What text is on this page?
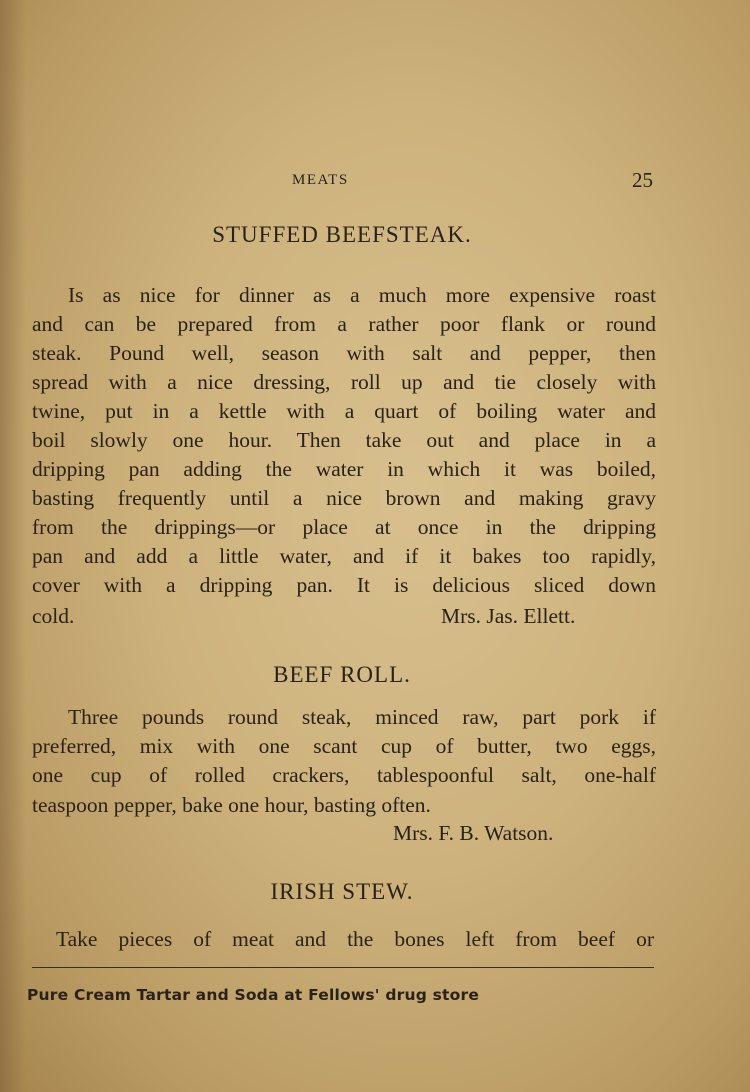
MEATS	25
STUFFED BEEFSTEAK.
Is as nice for dinner as a much more expensive roast
and can be prepared from a rather poor flank or round
steak. Pound well, season with salt and pepper, then
spread with a nice dressing, roll up and tie closely with
twine, put in a kettle with a quart of boiling water and
boil slowly one hour. Then take out and place in a
dripping pan adding the water in which it was boiled,
basting frequently until a nice brown and making gravy
from the drippings—or place at once in the dripping
pan and add a little water, and if it bakes too rapidly,
cover with a dripping pan. It is delicious sliced down
cold.	Mrs. Jas. Ellett.
BEEF ROLL.
Three pounds round steak, minced raw, part pork if
preferred, mix with one scant cup of butter, two eggs,
one cup of rolled crackers, tablespoonful salt, one-half
teaspoon pepper, bake one hour, basting often.
Mrs. F. B. Watson.
IRISH STEW.
Take pieces of meat and the bones left from beef or
Pure Cream Tartar and Soda at Fellows' drug store
